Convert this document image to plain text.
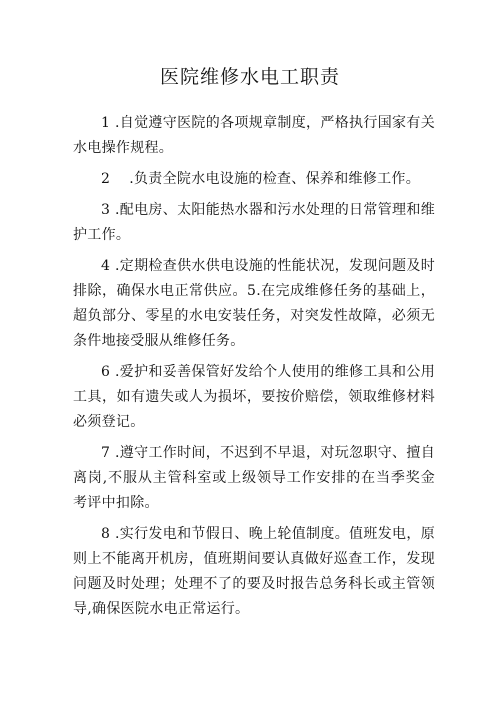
医院维修水电工职责

1 .自觉遵守医院的各项规章制度，严格执行国家有关水电操作规程。

2　 .负责全院水电设施的检查、保养和维修工作。

3 .配电房、太阳能热水器和污水处理的日常管理和维护工作。

4 .定期检查供水供电设施的性能状况，发现问题及时排除，确保水电正常供应。5.在完成维修任务的基础上，超负部分、零星的水电安装任务，对突发性故障，必须无条件地接受服从维修任务。

6 .爱护和妥善保管好发给个人使用的维修工具和公用工具，如有遗失或人为损坏，要按价赔偿，领取维修材料必须登记。

7 .遵守工作时间，不迟到不早退，对玩忽职守、擅自离岗,不服从主管科室或上级领导工作安排的在当季奖金考评中扣除。

8 .实行发电和节假日、晚上轮值制度。值班发电，原则上不能离开机房，值班期间要认真做好巡查工作，发现问题及时处理；处理不了的要及时报告总务科长或主管领导,确保医院水电正常运行。
